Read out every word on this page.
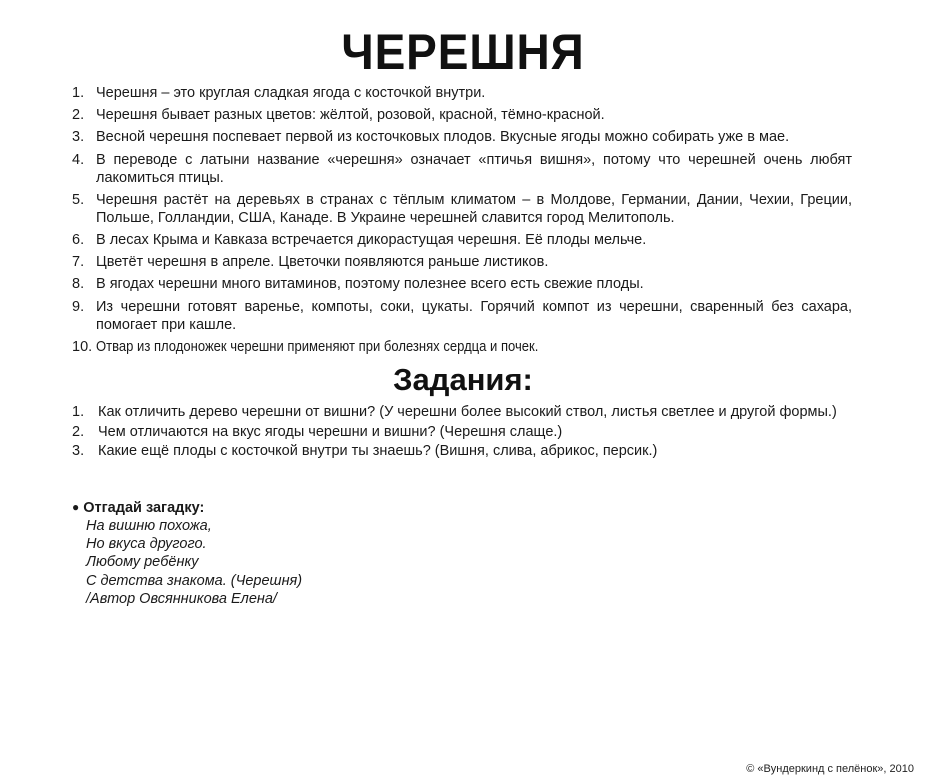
ЧЕРЕШНЯ
1. Черешня – это круглая сладкая ягода с косточкой внутри.
2. Черешня бывает разных цветов: жёлтой, розовой, красной, тёмно-красной.
3. Весной черешня поспевает первой из косточковых плодов. Вкусные ягоды можно собирать уже в мае.
4. В переводе с латыни название «черешня» означает «птичья вишня», потому что черешней очень любят лакомиться птицы.
5. Черешня растёт на деревьях в странах с тёплым климатом – в Молдове, Германии, Дании, Чехии, Греции, Польше, Голландии, США, Канаде. В Украине черешней славится город Мелитополь.
6. В лесах Крыма и Кавказа встречается дикорастущая черешня. Её плоды мельче.
7. Цветёт черешня в апреле. Цветочки появляются раньше листиков.
8. В ягодах черешни много витаминов, поэтому полезнее всего есть свежие плоды.
9. Из черешни готовят варенье, компоты, соки, цукаты. Горячий компот из черешни, сваренный без сахара, помогает при кашле.
10. Отвар из плодоножек черешни применяют при болезнях сердца и почек.
Задания:
1. Как отличить дерево черешни от вишни? (У черешни более высокий ствол, листья светлее и другой формы.)
2. Чем отличаются на вкус ягоды черешни и вишни? (Черешня слаще.)
3. Какие ещё плоды с косточкой внутри ты знаешь? (Вишня, слива, абрикос, персик.)
● Отгадай загадку:
На вишню похожа,
Но вкуса другого.
Любому ребёнку
С детства знакома. (Черешня)
/Автор Овсянникова Елена/
© «Вундеркинд с пелёнок», 2010
